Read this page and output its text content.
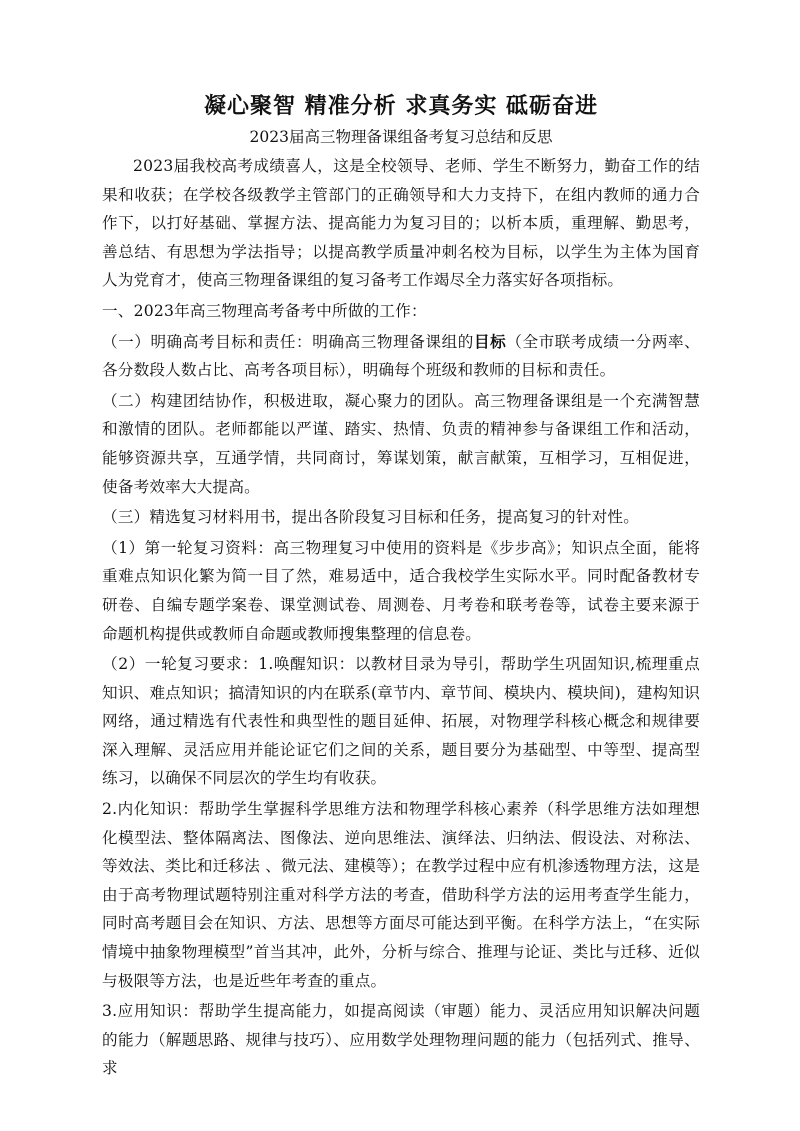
凝心聚智 精准分析 求真务实 砥砺奋进
2023届高三物理备课组备考复习总结和反思

2023届我校高考成绩喜人，这是全校领导、老师、学生不断努力，勤奋工作的结果和收获；在学校各级教学主管部门的正确领导和大力支持下，在组内教师的通力合作下，以打好基础、掌握方法、提高能力为复习目的；以析本质，重理解、勤思考，善总结、有思想为学法指导；以提高教学质量冲刺名校为目标，以学生为主体为国育人为党育才，使高三物理备课组的复习备考工作竭尽全力落实好各项指标。

一、2023年高三物理高考备考中所做的工作：

（一）明确高考目标和责任：明确高三物理备课组的目标（全市联考成绩一分两率、各分数段人数占比、高考各项目标），明确每个班级和教师的目标和责任。

（二）构建团结协作，积极进取，凝心聚力的团队。高三物理备课组是一个充满智慧和激情的团队。老师都能以严谨、踏实、热情、负责的精神参与备课组工作和活动，能够资源共享，互通学情，共同商讨，筹谋划策，献言献策，互相学习，互相促进，使备考效率大大提高。

（三）精选复习材料用书，提出各阶段复习目标和任务，提高复习的针对性。

（1）第一轮复习资料：高三物理复习中使用的资料是《步步高》；知识点全面，能将重难点知识化繁为简一目了然，难易适中，适合我校学生实际水平。同时配备教材专研卷、自编专题学案卷、课堂测试卷、周测卷、月考卷和联考卷等，试卷主要来源于命题机构提供或教师自命题或教师搜集整理的信息卷。

（2）一轮复习要求：1.唤醒知识：以教材目录为导引，帮助学生巩固知识,梳理重点知识、难点知识；搞清知识的内在联系(章节内、章节间、模块内、模块间)，建构知识网络，通过精选有代表性和典型性的题目延伸、拓展，对物理学科核心概念和规律要深入理解、灵活应用并能论证它们之间的关系，题目要分为基础型、中等型、提高型练习，以确保不同层次的学生均有收获。

2.内化知识：帮助学生掌握科学思维方法和物理学科核心素养（科学思维方法如理想化模型法、整体隔离法、图像法、逆向思维法、演绎法、归纳法、假设法、对称法、等效法、类比和迁移法 、微元法、建模等）；在教学过程中应有机渗透物理方法，这是由于高考物理试题特别注重对科学方法的考查，借助科学方法的运用考查学生能力，同时高考题目会在知识、方法、思想等方面尽可能达到平衡。在科学方法上，“在实际情境中抽象物理模型”首当其冲，此外，分析与综合、推理与论证、类比与迁移、近似与极限等方法，也是近些年考查的重点。

3.应用知识：帮助学生提高能力，如提高阅读（审题）能力、灵活应用知识解决问题的能力（解题思路、规律与技巧）、应用数学处理物理问题的能力（包括列式、推导、求
